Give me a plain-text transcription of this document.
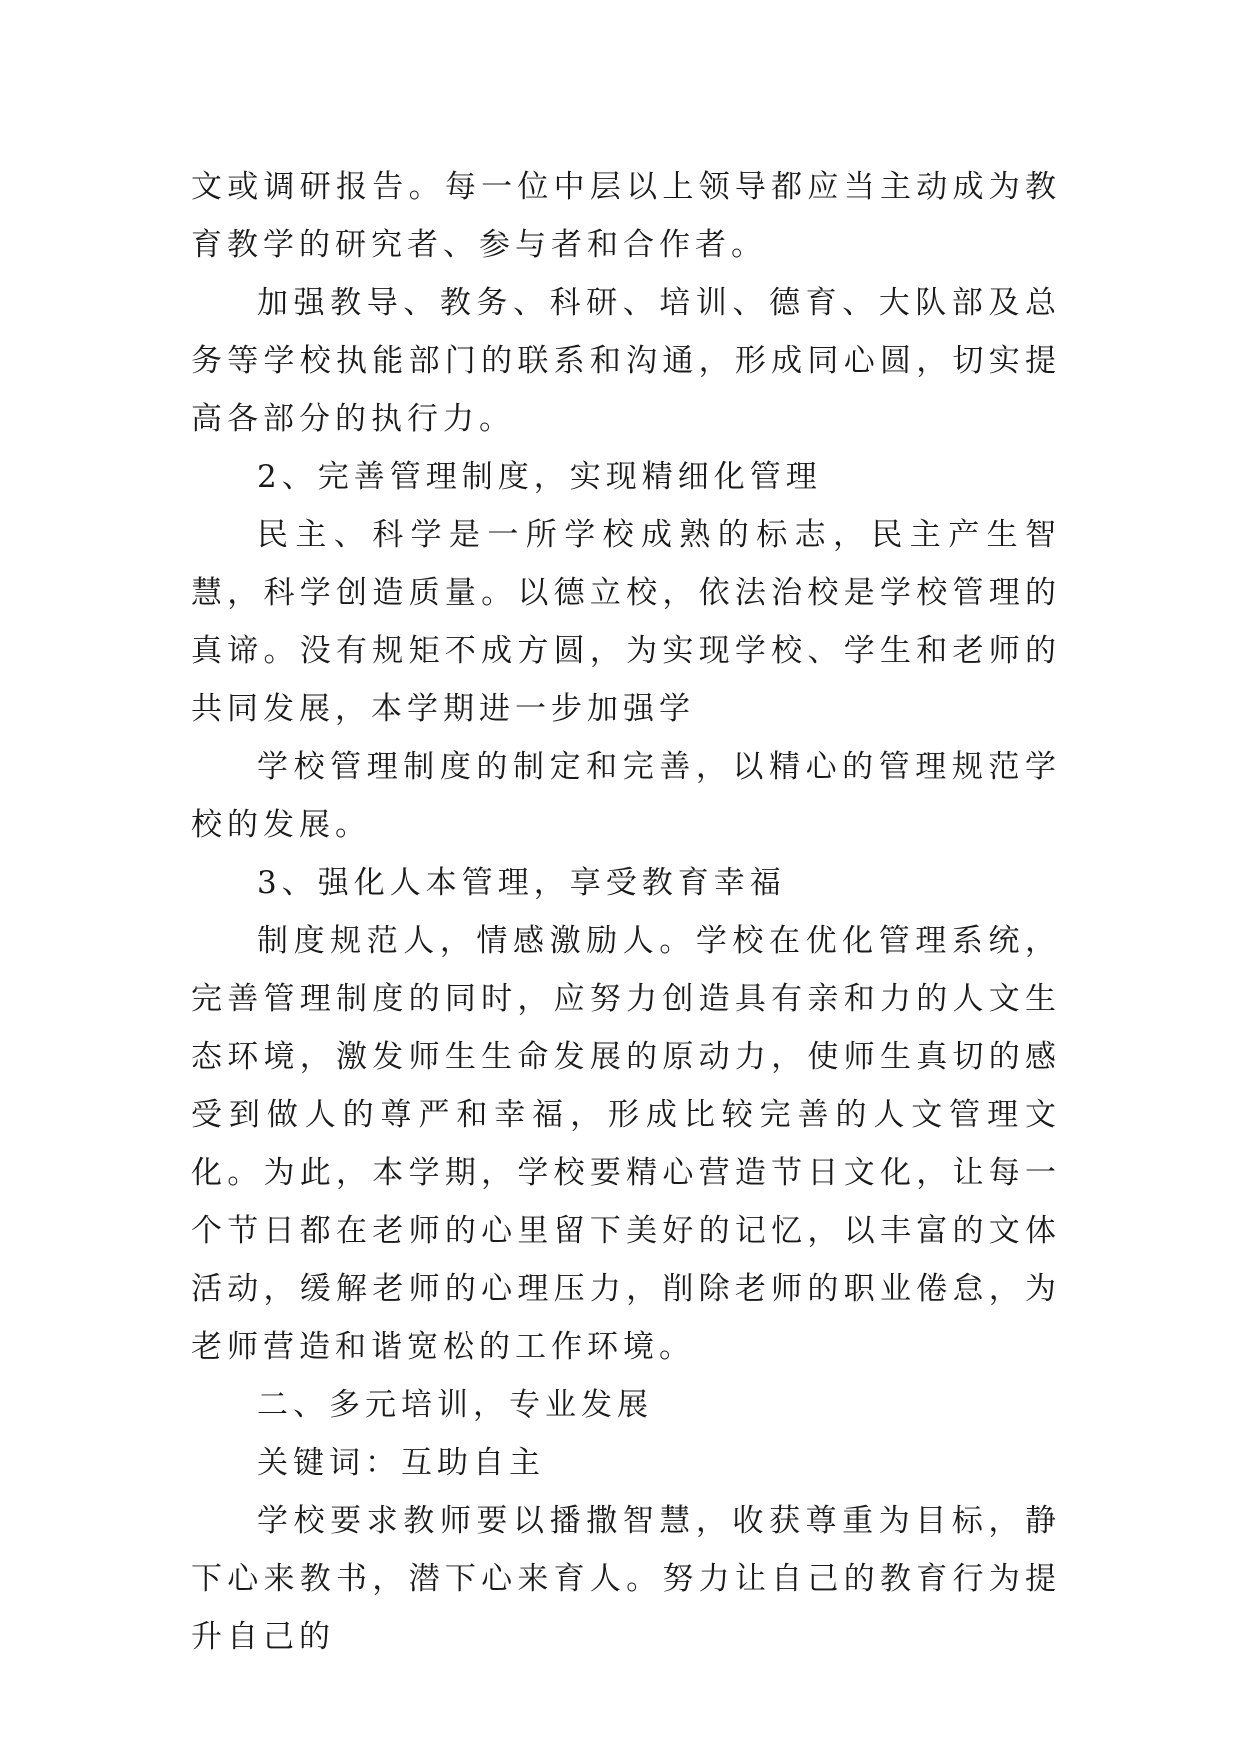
文或调研报告。每一位中层以上领导都应当主动成为教育教学的研究者、参与者和合作者。

加强教导、教务、科研、培训、德育、大队部及总务等学校执能部门的联系和沟通，形成同心圆，切实提高各部分的执行力。

2、完善管理制度，实现精细化管理

民主、科学是一所学校成熟的标志，民主产生智慧，科学创造质量。以德立校，依法治校是学校管理的真谛。没有规矩不成方圆，为实现学校、学生和老师的共同发展，本学期进一步加强学

学校管理制度的制定和完善，以精心的管理规范学校的发展。

3、强化人本管理，享受教育幸福

制度规范人，情感激励人。学校在优化管理系统，完善管理制度的同时，应努力创造具有亲和力的人文生态环境，激发师生生命发展的原动力，使师生真切的感受到做人的尊严和幸福，形成比较完善的人文管理文化。为此，本学期，学校要精心营造节日文化，让每一个节日都在老师的心里留下美好的记忆，以丰富的文体活动，缓解老师的心理压力，削除老师的职业倦怠，为老师营造和谐宽松的工作环境。

二、多元培训，专业发展

关键词：互助自主

学校要求教师要以播撒智慧，收获尊重为目标，静下心来教书，潜下心来育人。努力让自己的教育行为提升自己的
